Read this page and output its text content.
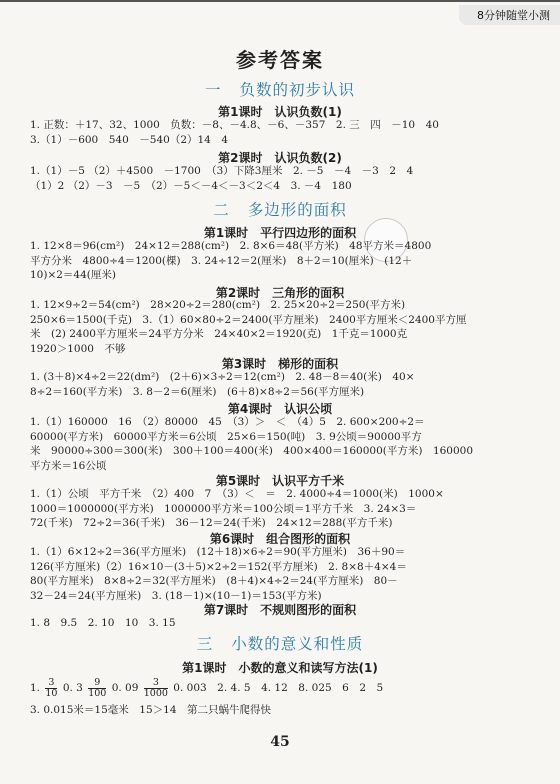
8分钟随堂小测
参考答案
一 负数的初步认识
第1课时 认识负数(1)
1. 正数：＋17、32、1000　负数：－8、－4.8、－6、－357　2. 三　四　－10　40
3.（1）－600　540　－540（2）14　4
第2课时 认识负数(2)
1.（1）－5 （2）＋4500　－1700　（3）下降3厘米　2. －5　－4　－3　2　4
（1）2 （2）－3　－5　（2）－5＜－4＜－3＜2＜4　3. －4　180
二 多边形的面积
第1课时 平行四边形的面积
1. 12×8＝96(cm²)　24×12＝288(cm²)　2. 8×6＝48(平方米)　48平方米＝4800
平方分米　4800÷4＝1200(棵)　3. 24÷12＝2(厘米)　8＋2＝10(厘米)　(12＋
10)×2＝44(厘米)
第2课时 三角形的面积
1. 12×9÷2＝54(cm²)　28×20÷2＝280(cm²)　2. 25×20÷2＝250(平方米)
250×6＝1500(千克)　3.（1）60×80÷2＝2400(平方厘米)　2400平方厘米＜2400平方厘
米　(2) 2400平方厘米＝24平方分米　24×40×2＝1920(克)　1千克＝1000克
1920＞1000　不够
第3课时 梯形的面积
1. (3＋8)×4÷2＝22(dm²)　(2＋6)×3÷2＝12(cm²)　2. 48－8＝40(米)　40×
8÷2＝160(平方米)　3. 8－2＝6(厘米)　(6＋8)×8÷2＝56(平方厘米)
第4课时 认识公顷
1.（1）160000　16　（2）80000　45　（3）＞　＜　（4）5　2. 600×200÷2＝
60000(平方米)　60000平方米＝6公顷　25×6＝150(吨)　3. 9公顷＝90000平方
米　90000÷300＝300(米)　300＋100＝400(米)　400×400＝160000(平方米)　160000
平方米＝16公顷
第5课时 认识平方千米
1.（1）公顷　平方千米　（2）400　7　（3）＜　＝　2. 4000÷4＝1000(米)　1000×
1000＝1000000(平方米)　1000000平方米＝100公顷＝1平方千米　3. 24×3＝
72(千米)　72÷2＝36(千米)　36－12＝24(千米)　24×12＝288(平方千米)
第6课时 组合图形的面积
1.（1）6×12÷2＝36(平方厘米)　(12＋18)×6÷2＝90(平方厘米)　36＋90＝
126(平方厘米)（2）16×10－(3＋5)×2÷2＝152(平方厘米)　2. 8×8＋4×4＝
80(平方厘米)　8×8÷2＝32(平方厘米)　(8＋4)×4÷2＝24(平方厘米)　80－
32－24＝24(平方厘米)　3. (18－1)×(10－1)＝153(平方米)
第7课时 不规则图形的面积
1. 8　9.5　2. 10　10　3. 15
三 小数的意义和性质
第1课时 小数的意义和读写方法(1)
1. $\frac{3}{10} 0$. $3 \frac{9}{100} 0$. $09 \frac{3}{1000} 0$. 003　2. 4. 5　4. 12　8. 025　6　2　5
3. 0.015米＝15毫米　15＞14　第二只蜗牛爬得快
45
